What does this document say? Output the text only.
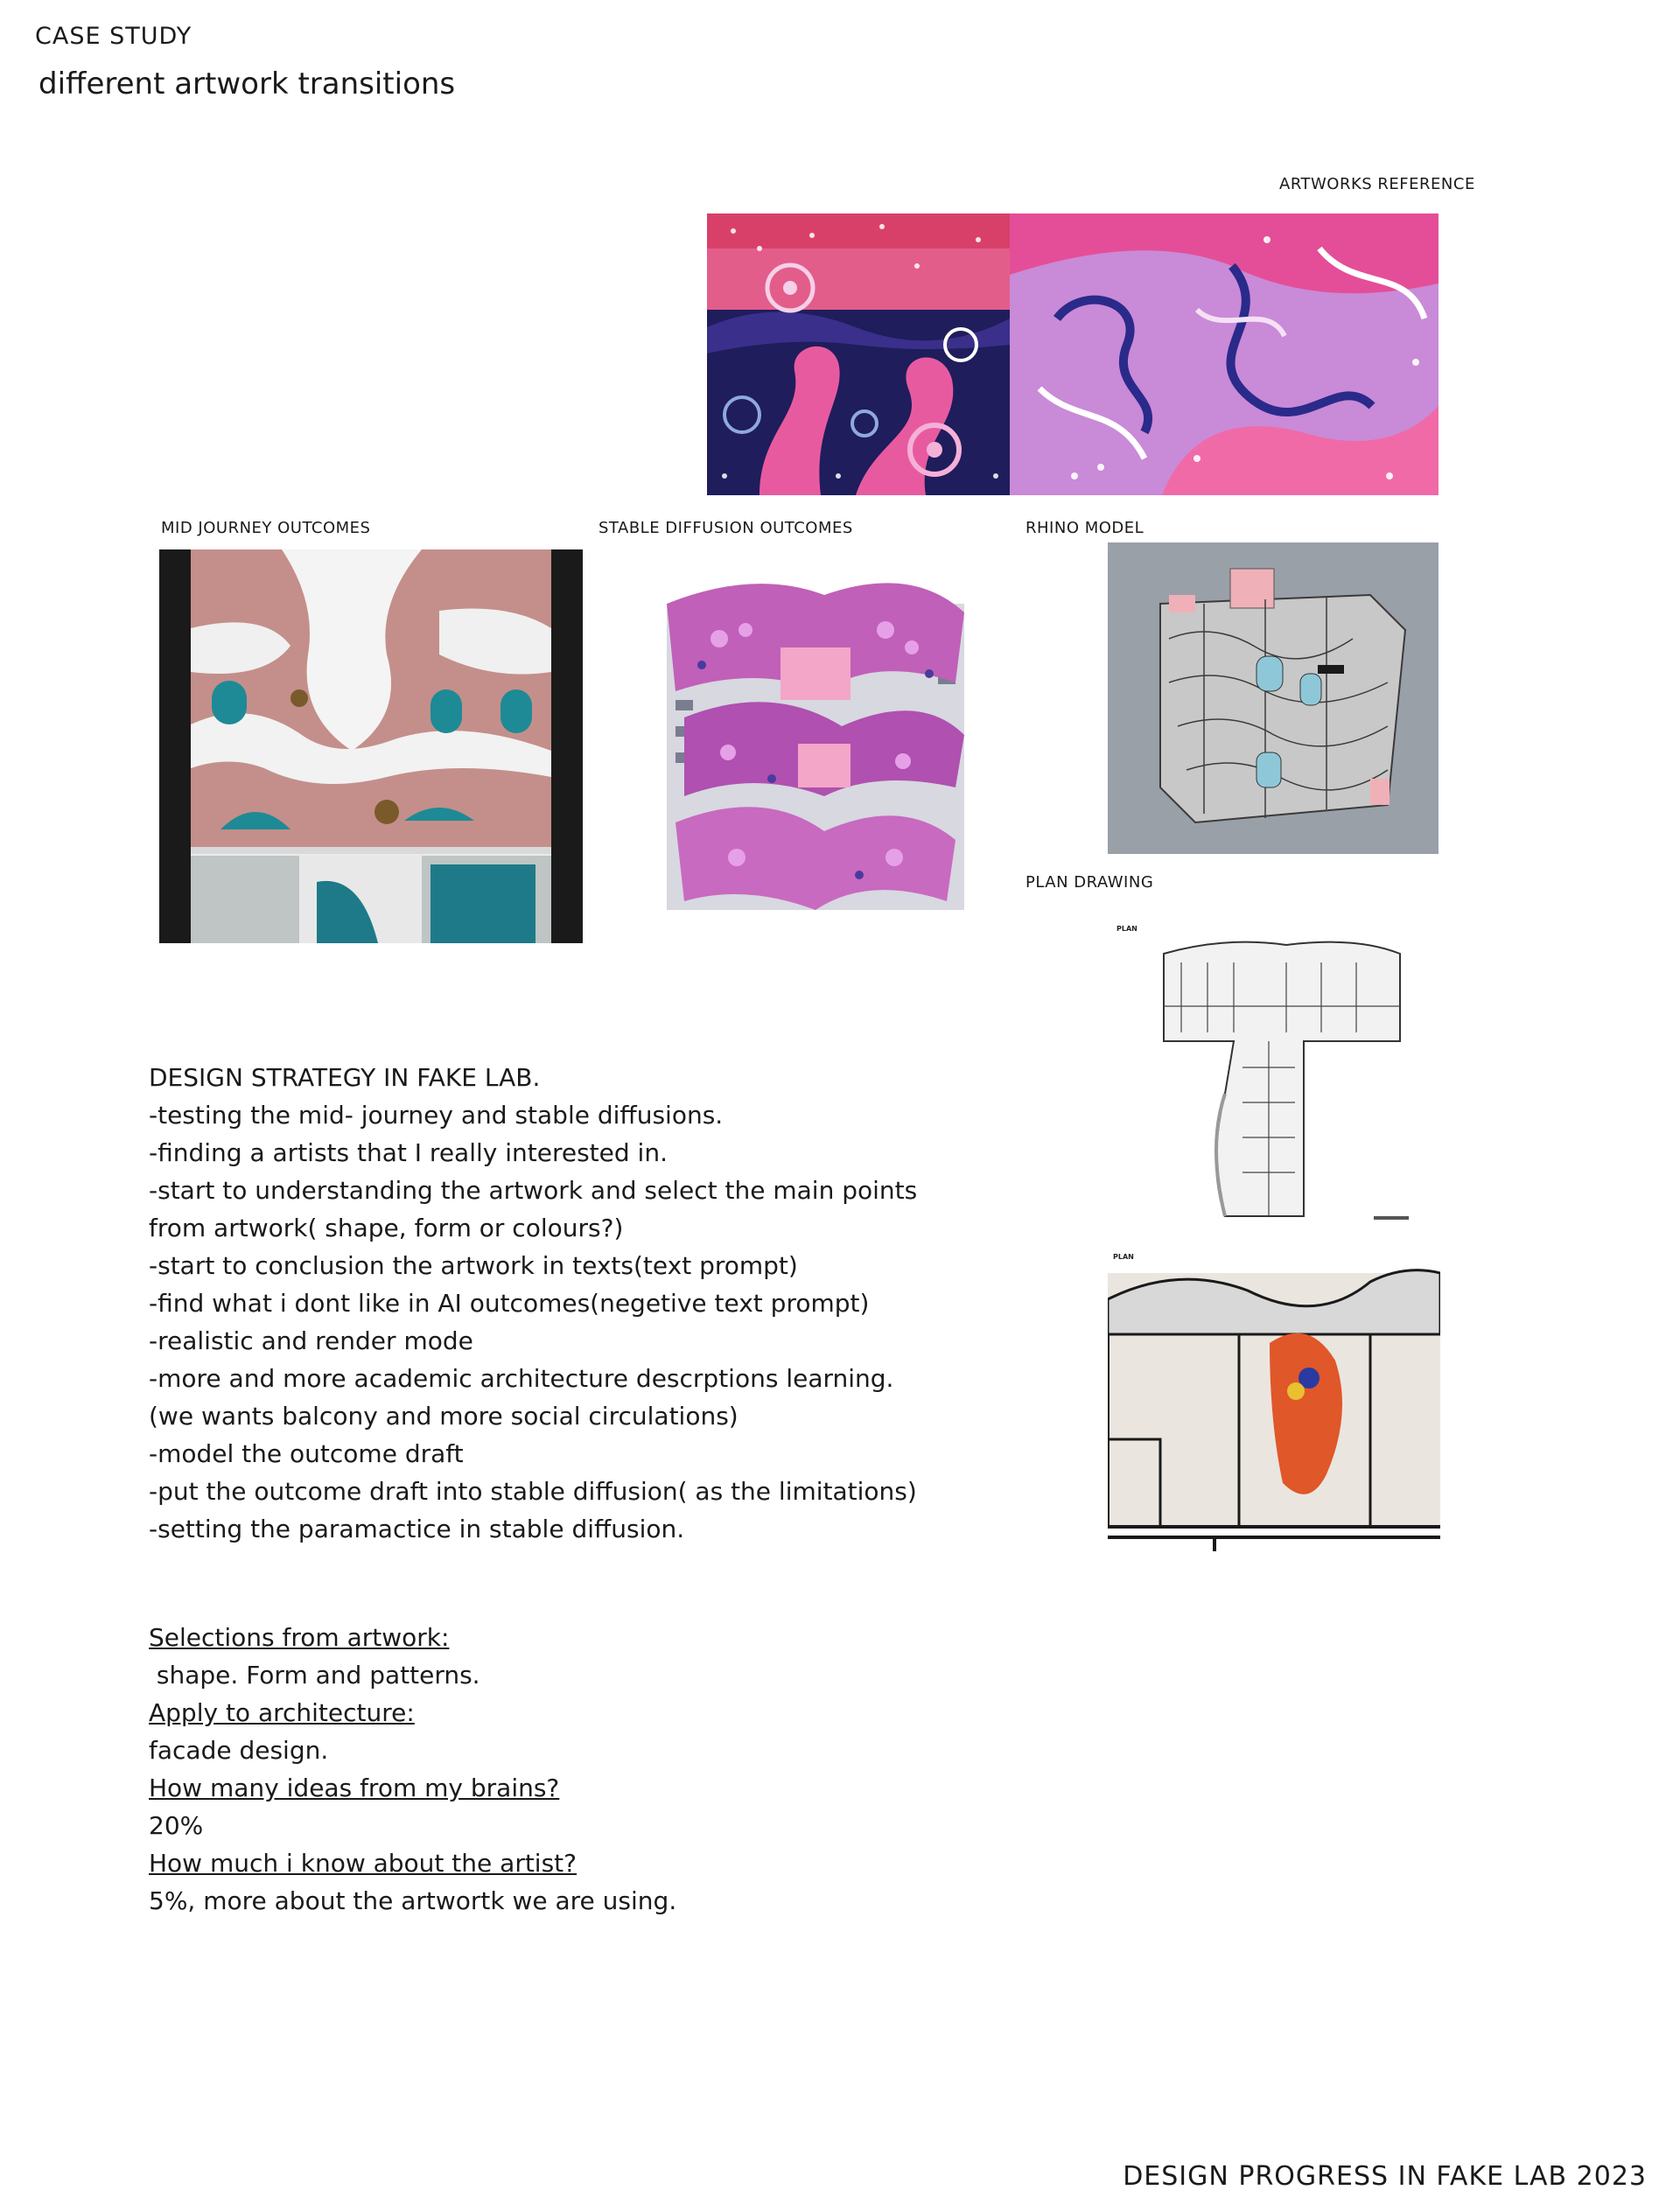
CASE STUDY
different artwork transitions
ARTWORKS REFERENCE
MID JOURNEY OUTCOMES	STABLE DIFFUSION OUTCOMES	RHINO MODEL
PLAN DRAWING
PLAN
PLAN
DESIGN STRATEGY IN FAKE LAB.
-testing the mid- journey and stable diffusions.
-finding a artists that I really interested in.
-start to understanding the artwork and select the main points
from artwork( shape, form or colours?)
-start to conclusion the artwork in texts(text prompt)
-find what i dont like in AI outcomes(negetive text prompt)
-realistic and render mode
-more and more academic architecture descrptions learning.
(we wants balcony and more social circulations)
-model the outcome draft
-put the outcome draft into stable diffusion( as the limitations)
-setting the paramactice in stable diffusion.
Selections from artwork:
shape. Form and patterns.
Apply to architecture:
facade design.
How many ideas from my brains?
20%
How much i know about the artist?
5%, more about the artwortk we are using.
DESIGN PROGRESS IN FAKE LAB 2023
